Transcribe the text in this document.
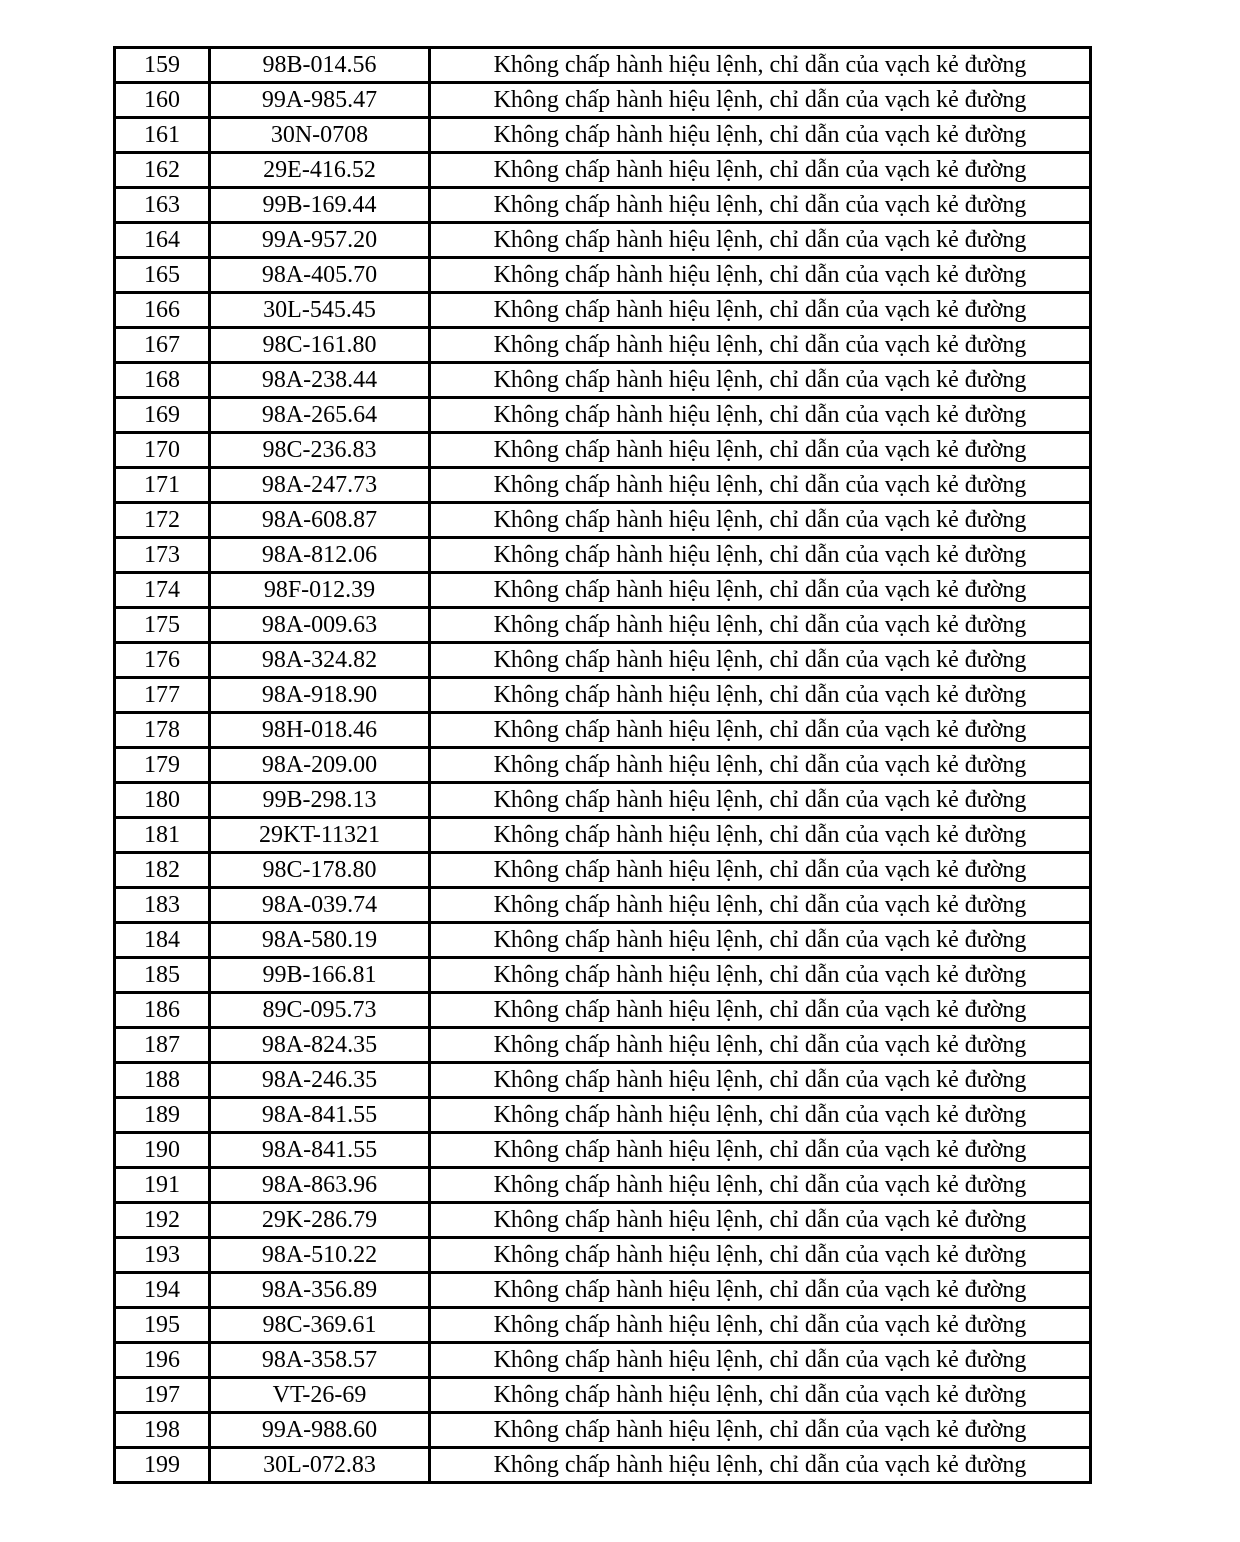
159	98B-014.56	Không chấp hành hiệu lệnh, chỉ dẫn của vạch kẻ đường
160	99A-985.47	Không chấp hành hiệu lệnh, chỉ dẫn của vạch kẻ đường
161	30N-0708	Không chấp hành hiệu lệnh, chỉ dẫn của vạch kẻ đường
162	29E-416.52	Không chấp hành hiệu lệnh, chỉ dẫn của vạch kẻ đường
163	99B-169.44	Không chấp hành hiệu lệnh, chỉ dẫn của vạch kẻ đường
164	99A-957.20	Không chấp hành hiệu lệnh, chỉ dẫn của vạch kẻ đường
165	98A-405.70	Không chấp hành hiệu lệnh, chỉ dẫn của vạch kẻ đường
166	30L-545.45	Không chấp hành hiệu lệnh, chỉ dẫn của vạch kẻ đường
167	98C-161.80	Không chấp hành hiệu lệnh, chỉ dẫn của vạch kẻ đường
168	98A-238.44	Không chấp hành hiệu lệnh, chỉ dẫn của vạch kẻ đường
169	98A-265.64	Không chấp hành hiệu lệnh, chỉ dẫn của vạch kẻ đường
170	98C-236.83	Không chấp hành hiệu lệnh, chỉ dẫn của vạch kẻ đường
171	98A-247.73	Không chấp hành hiệu lệnh, chỉ dẫn của vạch kẻ đường
172	98A-608.87	Không chấp hành hiệu lệnh, chỉ dẫn của vạch kẻ đường
173	98A-812.06	Không chấp hành hiệu lệnh, chỉ dẫn của vạch kẻ đường
174	98F-012.39	Không chấp hành hiệu lệnh, chỉ dẫn của vạch kẻ đường
175	98A-009.63	Không chấp hành hiệu lệnh, chỉ dẫn của vạch kẻ đường
176	98A-324.82	Không chấp hành hiệu lệnh, chỉ dẫn của vạch kẻ đường
177	98A-918.90	Không chấp hành hiệu lệnh, chỉ dẫn của vạch kẻ đường
178	98H-018.46	Không chấp hành hiệu lệnh, chỉ dẫn của vạch kẻ đường
179	98A-209.00	Không chấp hành hiệu lệnh, chỉ dẫn của vạch kẻ đường
180	99B-298.13	Không chấp hành hiệu lệnh, chỉ dẫn của vạch kẻ đường
181	29KT-11321	Không chấp hành hiệu lệnh, chỉ dẫn của vạch kẻ đường
182	98C-178.80	Không chấp hành hiệu lệnh, chỉ dẫn của vạch kẻ đường
183	98A-039.74	Không chấp hành hiệu lệnh, chỉ dẫn của vạch kẻ đường
184	98A-580.19	Không chấp hành hiệu lệnh, chỉ dẫn của vạch kẻ đường
185	99B-166.81	Không chấp hành hiệu lệnh, chỉ dẫn của vạch kẻ đường
186	89C-095.73	Không chấp hành hiệu lệnh, chỉ dẫn của vạch kẻ đường
187	98A-824.35	Không chấp hành hiệu lệnh, chỉ dẫn của vạch kẻ đường
188	98A-246.35	Không chấp hành hiệu lệnh, chỉ dẫn của vạch kẻ đường
189	98A-841.55	Không chấp hành hiệu lệnh, chỉ dẫn của vạch kẻ đường
190	98A-841.55	Không chấp hành hiệu lệnh, chỉ dẫn của vạch kẻ đường
191	98A-863.96	Không chấp hành hiệu lệnh, chỉ dẫn của vạch kẻ đường
192	29K-286.79	Không chấp hành hiệu lệnh, chỉ dẫn của vạch kẻ đường
193	98A-510.22	Không chấp hành hiệu lệnh, chỉ dẫn của vạch kẻ đường
194	98A-356.89	Không chấp hành hiệu lệnh, chỉ dẫn của vạch kẻ đường
195	98C-369.61	Không chấp hành hiệu lệnh, chỉ dẫn của vạch kẻ đường
196	98A-358.57	Không chấp hành hiệu lệnh, chỉ dẫn của vạch kẻ đường
197	VT-26-69	Không chấp hành hiệu lệnh, chỉ dẫn của vạch kẻ đường
198	99A-988.60	Không chấp hành hiệu lệnh, chỉ dẫn của vạch kẻ đường
199	30L-072.83	Không chấp hành hiệu lệnh, chỉ dẫn của vạch kẻ đường
